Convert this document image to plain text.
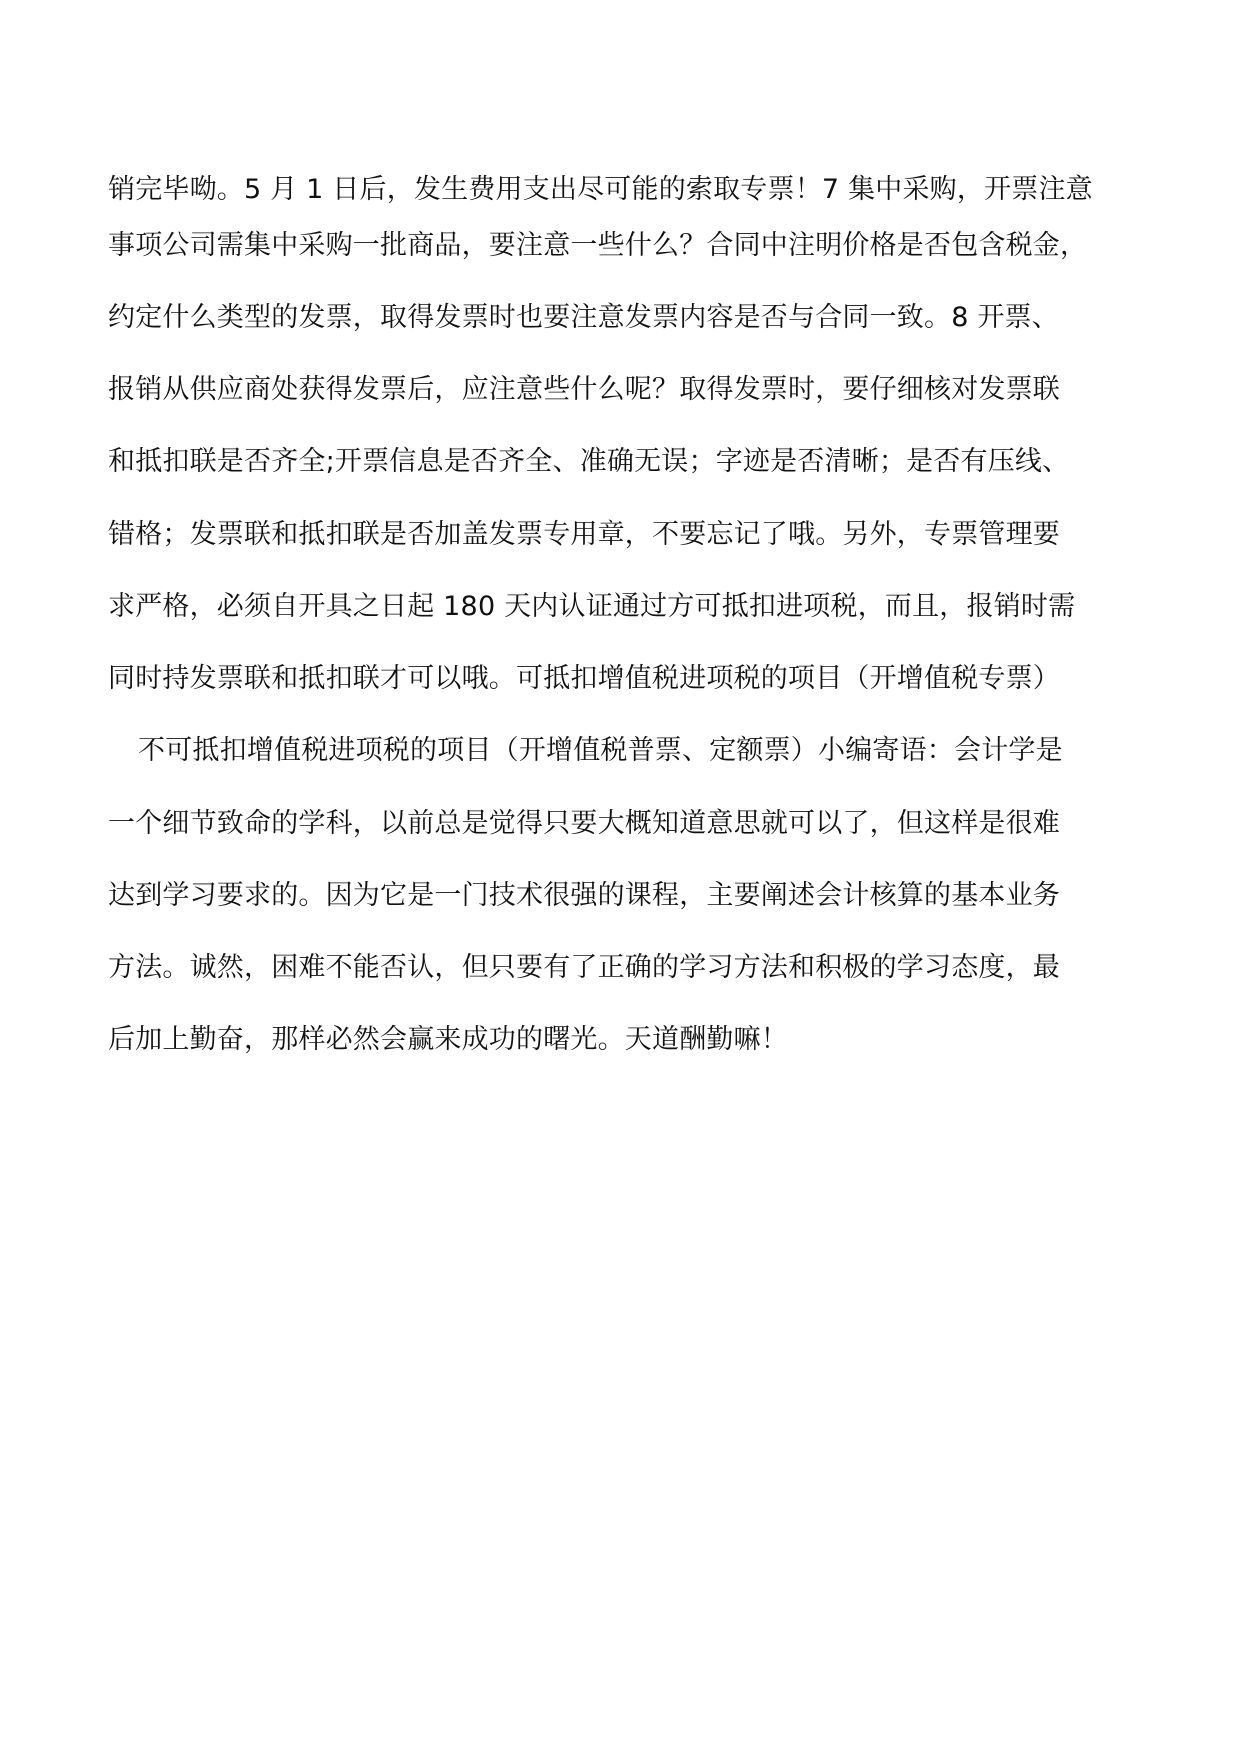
销完毕呦。5 月 1 日后，发生费用支出尽可能的索取专票！7 集中采购，开票注意
事项公司需集中采购一批商品，要注意一些什么？合同中注明价格是否包含税金，
约定什么类型的发票，取得发票时也要注意发票内容是否与合同一致。8 开票、
报销从供应商处获得发票后，应注意些什么呢？取得发票时，要仔细核对发票联
和抵扣联是否齐全;开票信息是否齐全、准确无误；字迹是否清晰；是否有压线、
错格；发票联和抵扣联是否加盖发票专用章，不要忘记了哦。另外，专票管理要
求严格，必须自开具之日起 180 天内认证通过方可抵扣进项税，而且，报销时需
同时持发票联和抵扣联才可以哦。可抵扣增值税进项税的项目（开增值税专票）
不可抵扣增值税进项税的项目（开增值税普票、定额票）小编寄语：会计学是
一个细节致命的学科，以前总是觉得只要大概知道意思就可以了，但这样是很难
达到学习要求的。因为它是一门技术很强的课程，主要阐述会计核算的基本业务
方法。诚然，困难不能否认，但只要有了正确的学习方法和积极的学习态度，最
后加上勤奋，那样必然会赢来成功的曙光。天道酬勤嘛！
